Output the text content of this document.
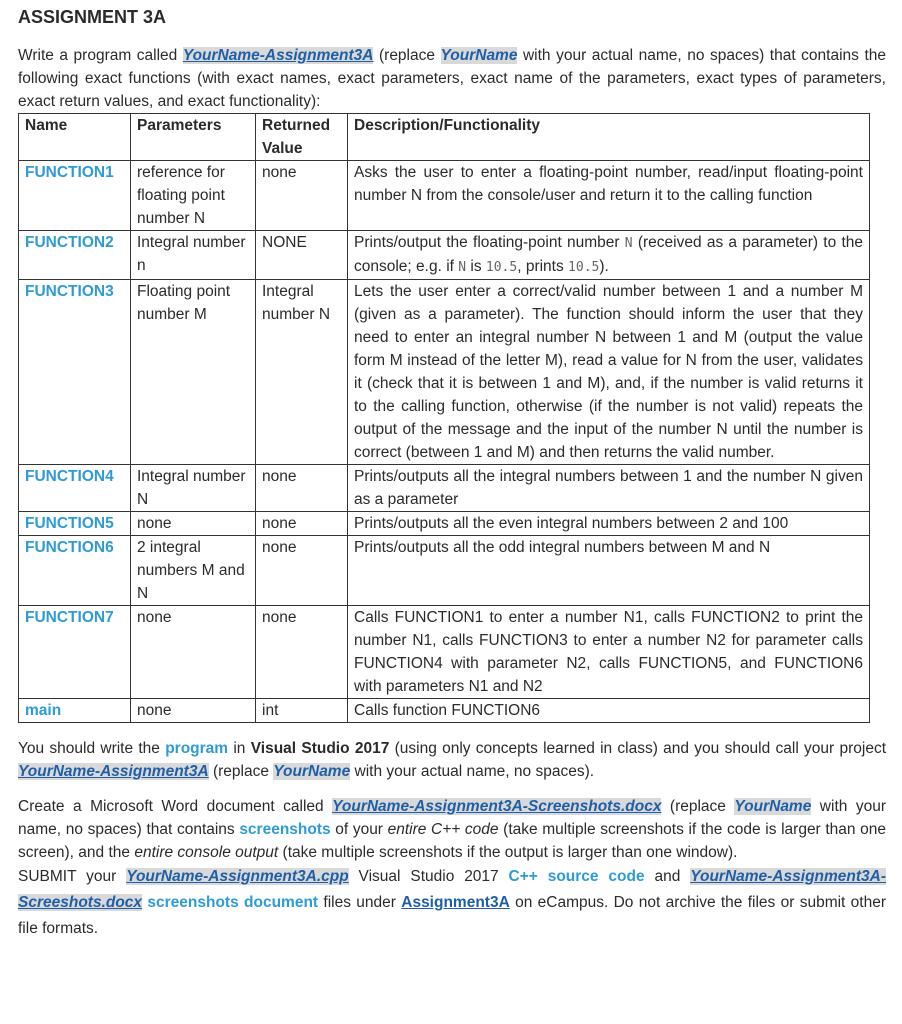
ASSIGNMENT 3A

Write a program called YourName-Assignment3A (replace YourName with your actual name, no spaces) that contains the following exact functions (with exact names, exact parameters, exact name of the parameters, exact types of parameters, exact return values, and exact functionality):

Name	Parameters	Returned Value	Description/Functionality
FUNCTION1	reference for floating point number N	none	Asks the user to enter a floating-point number, read/input floating-point number N from the console/user and return it to the calling function
FUNCTION2	Integral number n	NONE	Prints/output the floating-point number N (received as a parameter) to the console; e.g. if N is 10.5, prints 10.5).
FUNCTION3	Floating point number M	Integral number N	Lets the user enter a correct/valid number between 1 and a number M (given as a parameter). The function should inform the user that they need to enter an integral number N between 1 and M (output the value form M instead of the letter M), read a value for N from the user, validates it (check that it is between 1 and M), and, if the number is valid returns it to the calling function, otherwise (if the number is not valid) repeats the output of the message and the input of the number N until the number is correct (between 1 and M) and then returns the valid number.
FUNCTION4	Integral number N	none	Prints/outputs all the integral numbers between 1 and the number N given as a parameter
FUNCTION5	none	none	Prints/outputs all the even integral numbers between 2 and 100
FUNCTION6	2 integral numbers M and N	none	Prints/outputs all the odd integral numbers between M and N
FUNCTION7	none	none	Calls FUNCTION1 to enter a number N1, calls FUNCTION2 to print the number N1, calls FUNCTION3 to enter a number N2 for parameter calls FUNCTION4 with parameter N2, calls FUNCTION5, and FUNCTION6 with parameters N1 and N2
main	none	int	Calls function FUNCTION6

You should write the program in Visual Studio 2017 (using only concepts learned in class) and you should call your project YourName-Assignment3A (replace YourName with your actual name, no spaces).

Create a Microsoft Word document called YourName-Assignment3A-Screenshots.docx (replace YourName with your name, no spaces) that contains screenshots of your entire C++ code (take multiple screenshots if the code is larger than one screen), and the entire console output (take multiple screenshots if the output is larger than one window).

SUBMIT your YourName-Assignment3A.cpp Visual Studio 2017 C++ source code and YourName-Assignment3A-Screeshots.docx screenshots document files under Assignment3A on eCampus. Do not archive the files or submit other file formats.
